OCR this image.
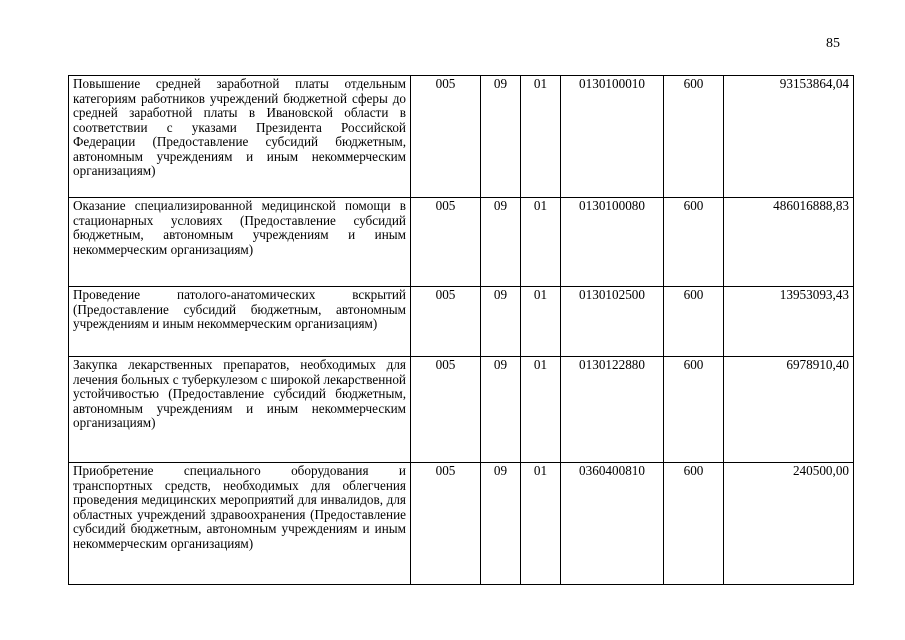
85
Повышение средней заработной платы отдельным категориям работников учреждений бюджетной сферы до средней заработной платы в Ивановской области в соответствии с указами Президента Российской Федерации (Предоставление субсидий бюджетным, автономным учреждениям и иным некоммерческим организациям)	005	09	01	0130100010	600	93153864,04
Оказание специализированной медицинской помощи в стационарных условиях (Предоставление субсидий бюджетным, автономным учреждениям и иным некоммерческим организациям)	005	09	01	0130100080	600	486016888,83
Проведение патолого-анатомических вскрытий (Предоставление субсидий бюджетным, автономным учреждениям и иным некоммерческим организациям)	005	09	01	0130102500	600	13953093,43
Закупка лекарственных препаратов, необходимых для лечения больных с туберкулезом с широкой лекарственной устойчивостью (Предоставление субсидий бюджетным, автономным учреждениям и иным некоммерческим организациям)	005	09	01	0130122880	600	6978910,40
Приобретение специального оборудования и транспортных средств, необходимых для облегчения проведения медицинских мероприятий для инвалидов, для областных учреждений здравоохранения (Предоставление субсидий бюджетным, автономным учреждениям и иным некоммерческим организациям)	005	09	01	0360400810	600	240500,00
